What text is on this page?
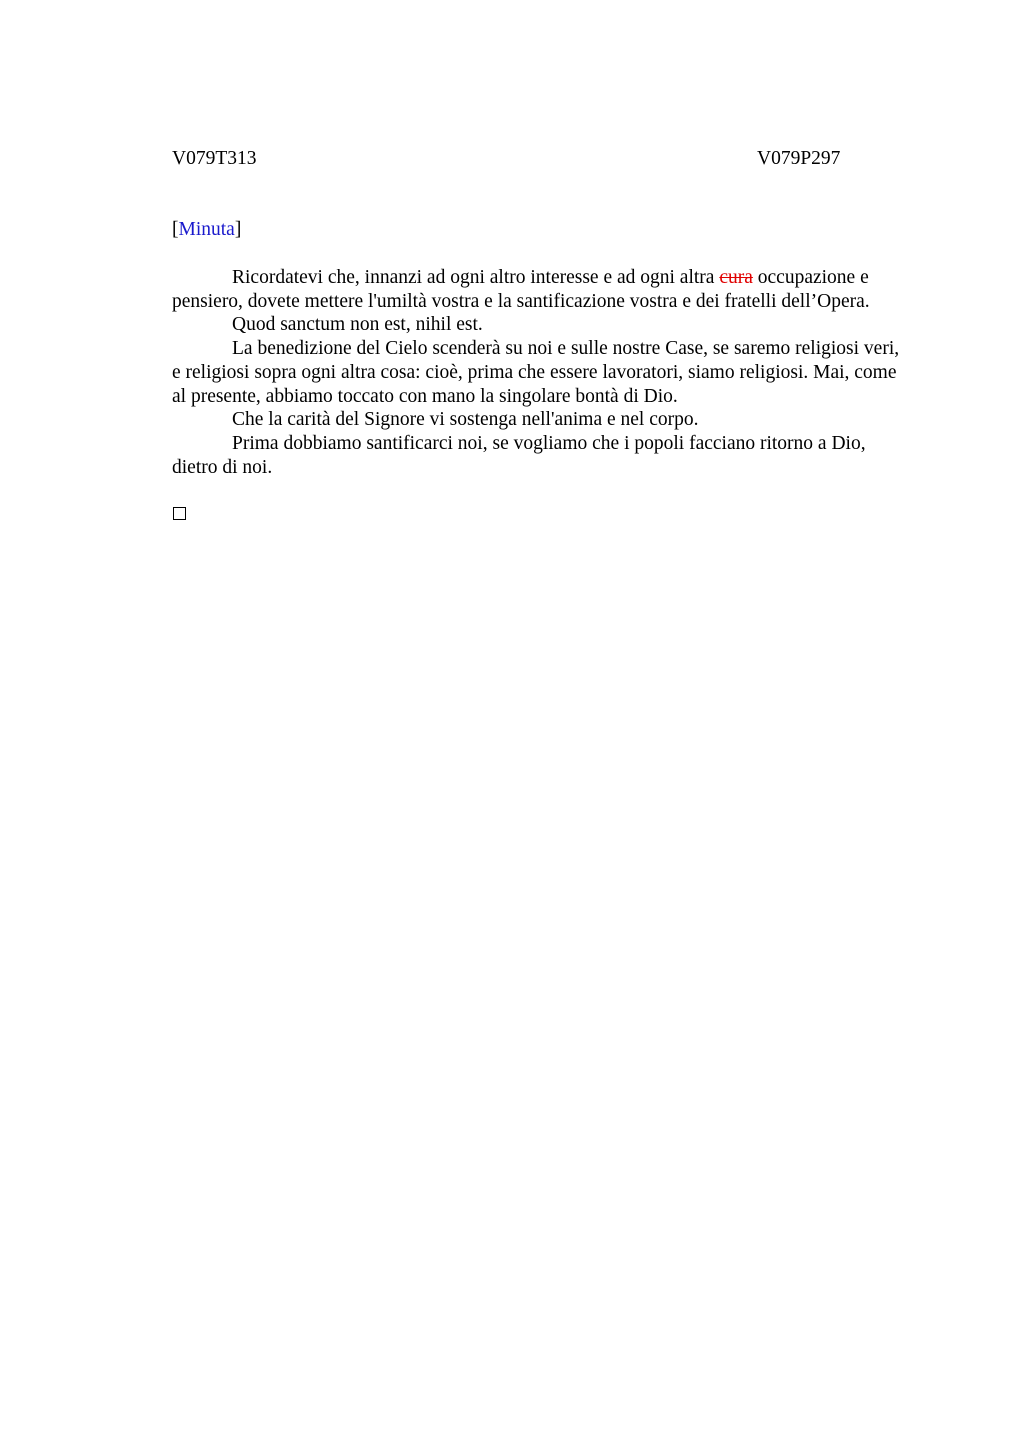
V079T313	V079P297
[Minuta]

Ricordatevi che, innanzi ad ogni altro interesse e ad ogni altra cura occupazione e pensiero, dovete mettere l'umiltà vostra e la santificazione vostra e dei fratelli dell’Opera.

Quod sanctum non est, nihil est.

La benedizione del Cielo scenderà su noi e sulle nostre Case, se saremo religiosi veri, e religiosi sopra ogni altra cosa: cioè, prima che essere lavoratori, siamo religiosi. Mai, come al presente, abbiamo toccato con mano la singolare bontà di Dio.

Che la carità del Signore vi sostenga nell'anima e nel corpo.

Prima dobbiamo santificarci noi, se vogliamo che i popoli facciano ritorno a Dio, dietro di noi.
